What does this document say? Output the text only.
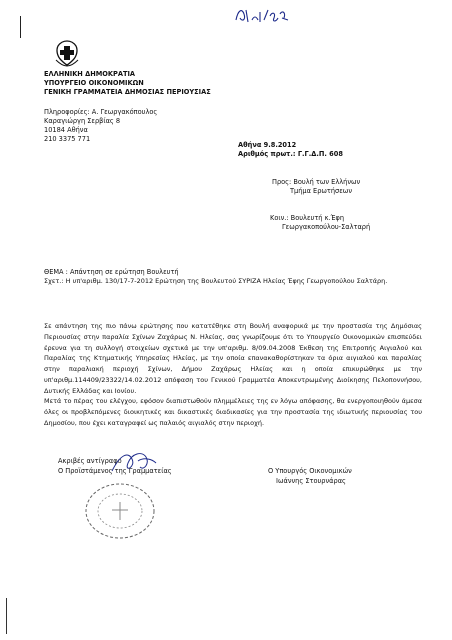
ΕΛΛΗΝΙΚΗ ΔΗΜΟΚΡΑΤΙΑ
ΥΠΟΥΡΓΕΙΟ ΟΙΚΟΝΟΜΙΚΩΝ
ΓΕΝΙΚΗ ΓΡΑΜΜΑΤΕΙΑ ΔΗΜΟΣΙΑΣ ΠΕΡΙΟΥΣΙΑΣ
Πληροφορίες: Α. Γεωργακόπουλος
Καραγιώργη Σερβίας 8
10184 Αθήνα
210 3375 771
Αθήνα 9.8.2012
Αριθμός πρωτ.: Γ.Γ.Δ.Π. 608
Προς: Βουλή των Ελλήνων
Τμήμα Ερωτήσεων
Κοιν.: Βουλευτή κ.Έφη
Γεωργακοπούλου-Σαλταρή
ΘΕΜΑ : Απάντηση σε ερώτηση Βουλευτή
Σχετ.: Η υπ'αριθμ. 130/17-7-2012 Ερώτηση της Βουλευτού ΣΥΡΙΖΑ Ηλείας Έφης Γεωργοπούλου Σαλτάρη.
Σε απάντηση της πιο πάνω ερώτησης που κατατέθηκε στη Βουλή αναφορικά με την προστασία της Δημόσιας Περιουσίας στην παραλία Σχίνων Ζαχάρως Ν. Ηλείας, σας γνωρίζουμε ότι το Υπουργείο Οικονομικών επισπεύδει έρευνα για τη συλλογή στοιχείων σχετικά με την υπ'αριθμ. 8/09.04.2008 Έκθεση της Επιτροπής Αιγιαλού και Παραλίας της Κτηματικής Υπηρεσίας Ηλείας, με την οποία επανακαθορίστηκαν τα όρια αιγιαλού και παραλίας στην παραλιακή περιοχή Σχίνων, Δήμου Ζαχάρως Ηλείας και η οποία επικυρώθηκε με την υπ'αριθμ.114409/23322/14.02.2012 απόφαση του Γενικού Γραμματέα Αποκεντρωμένης Διοίκησης Πελοποννήσου, Δυτικής Ελλάδας και Ιονίου.
Μετά το πέρας του ελέγχου, εφόσον διαπιστωθούν πλημμέλειες της εν λόγω απόφασης, θα ενεργοποιηθούν άμεσα όλες οι προβλεπόμενες διοικητικές και δικαστικές διαδικασίες για την προστασία της ιδιωτικής περιουσίας του Δημοσίου, που έχει καταγραφεί ως παλαιός αιγιαλός στην περιοχή.
Ακριβές αντίγραφο
Ο Προϊστάμενος της Γραμματείας	Ο Υπουργός Οικονομικών
Ιωάννης Στουρνάρας
